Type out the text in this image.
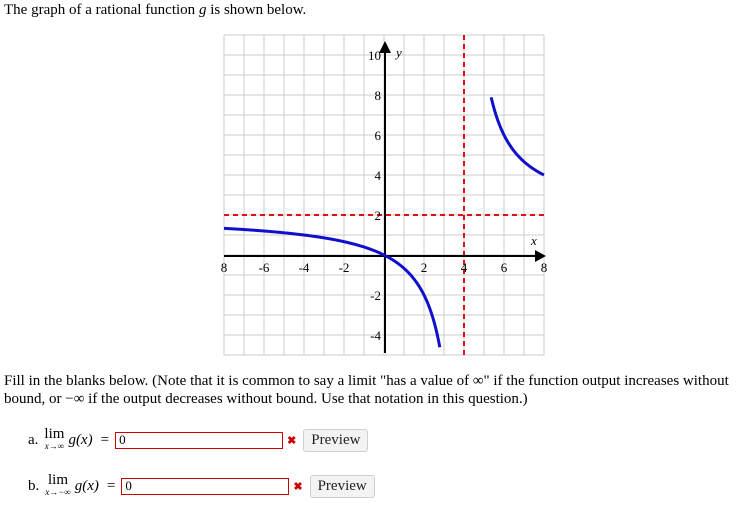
The graph of a rational function g is shown below.
x
y
8 -6 -4 -2	2	4	6	8
10
8
6
4
2
-2
-4
Fill in the blanks below. (Note that it is common to say a limit "has a value of ∞" if the function output increases without bound, or −∞ if the output decreases without bound. Use that notation in this question.)
a. lim
x→∞ g(x) =
0	✖	Preview
b. lim
x→−∞ g(x) =
0	✖	Preview
